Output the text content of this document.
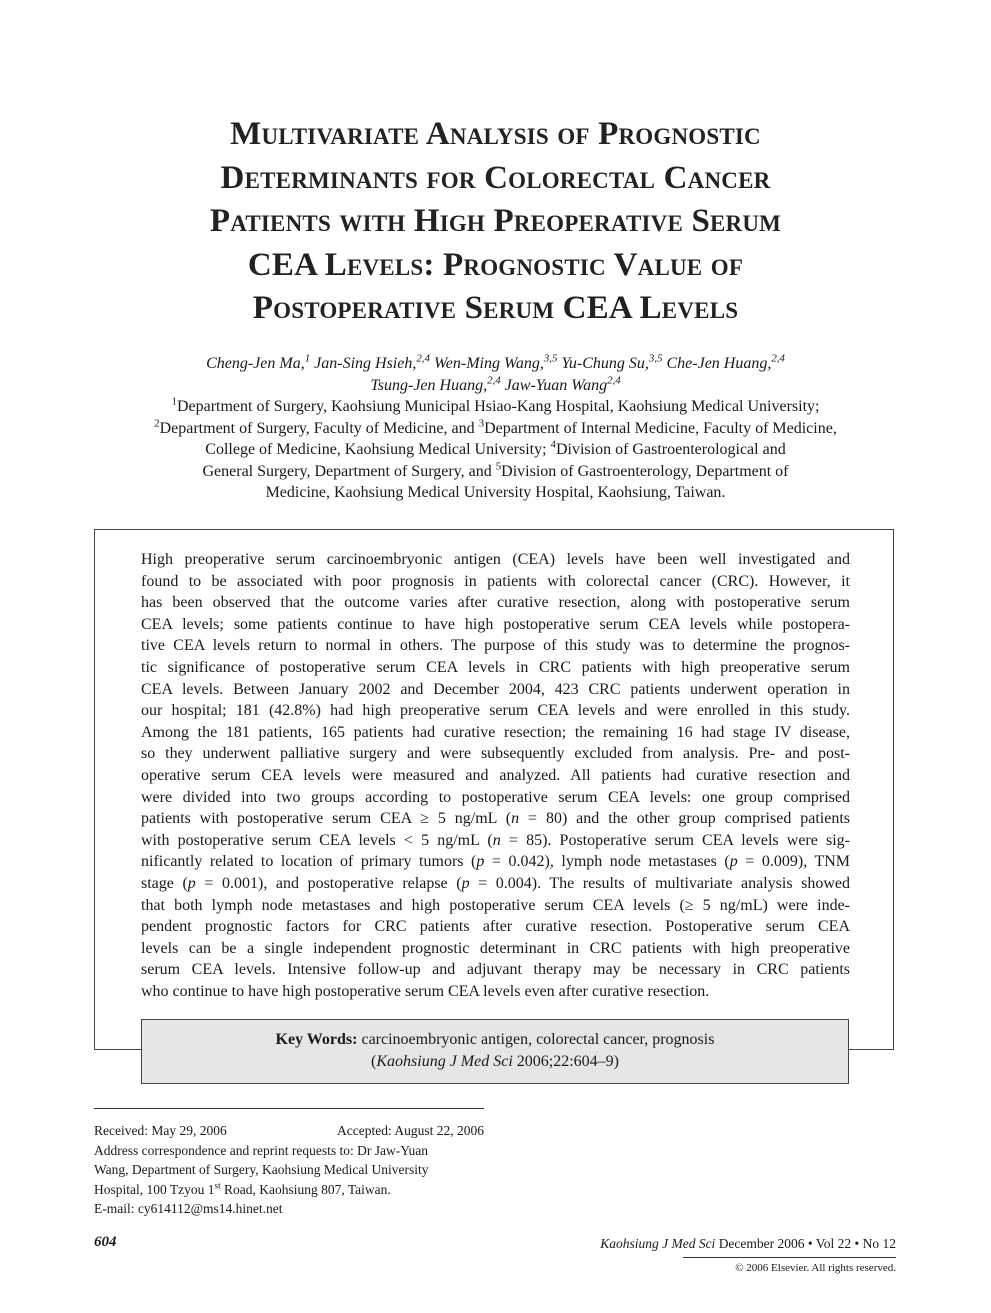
Multivariate Analysis of Prognostic
Determinants for Colorectal Cancer
Patients with High Preoperative Serum
CEA Levels: Prognostic Value of
Postoperative Serum CEA Levels
Cheng-Jen Ma,$^1$ Jan-Sing Hsieh,$^{2,4}$ Wen-Ming Wang,$^{3,5}$ Yu-Chung Su,$^{3,5}$ Che-Jen Huang,$^{2,4}$
Tsung-Jen Huang,$^{2,4}$ Jaw-Yuan Wang$^{2,4}$
$^1$Department of Surgery, Kaohsiung Municipal Hsiao-Kang Hospital, Kaohsiung Medical University;
$^2$Department of Surgery, Faculty of Medicine, and $^3$Department of Internal Medicine, Faculty of Medicine,
College of Medicine, Kaohsiung Medical University; $^4$Division of Gastroenterological and
General Surgery, Department of Surgery, and $^5$Division of Gastroenterology, Department of
Medicine, Kaohsiung Medical University Hospital, Kaohsiung, Taiwan.
High preoperative serum carcinoembryonic antigen (CEA) levels have been well investigated and
found to be associated with poor prognosis in patients with colorectal cancer (CRC). However, it
has been observed that the outcome varies after curative resection, along with postoperative serum
CEA levels; some patients continue to have high postoperative serum CEA levels while postopera-
tive CEA levels return to normal in others. The purpose of this study was to determine the prognos-
tic significance of postoperative serum CEA levels in CRC patients with high preoperative serum
CEA levels. Between January 2002 and December 2004, 423 CRC patients underwent operation in
our hospital; 181 (42.8%) had high preoperative serum CEA levels and were enrolled in this study.
Among the 181 patients, 165 patients had curative resection; the remaining 16 had stage IV disease,
so they underwent palliative surgery and were subsequently excluded from analysis. Pre- and post-
operative serum CEA levels were measured and analyzed. All patients had curative resection and
were divided into two groups according to postoperative serum CEA levels: one group comprised
patients with postoperative serum CEA ≥ 5 ng/mL (n = 80) and the other group comprised patients
with postoperative serum CEA levels < 5 ng/mL (n = 85). Postoperative serum CEA levels were sig-
nificantly related to location of primary tumors (p = 0.042), lymph node metastases (p = 0.009), TNM
stage (p = 0.001), and postoperative relapse (p = 0.004). The results of multivariate analysis showed
that both lymph node metastases and high postoperative serum CEA levels (≥ 5 ng/mL) were inde-
pendent prognostic factors for CRC patients after curative resection. Postoperative serum CEA
levels can be a single independent prognostic determinant in CRC patients with high preoperative
serum CEA levels. Intensive follow-up and adjuvant therapy may be necessary in CRC patients
who continue to have high postoperative serum CEA levels even after curative resection.
Key Words: carcinoembryonic antigen, colorectal cancer, prognosis
(Kaohsiung J Med Sci 2006;22:604–9)
Received: May 29, 2006	Accepted: August 22, 2006
Address correspondence and reprint requests to: Dr Jaw-Yuan
Wang, Department of Surgery, Kaohsiung Medical University
Hospital, 100 Tzyou 1st Road, Kaohsiung 807, Taiwan.
E-mail: cy614112@ms14.hinet.net
604	Kaohsiung J Med Sci December 2006 • Vol 22 • No 12
© 2006 Elsevier. All rights reserved.
